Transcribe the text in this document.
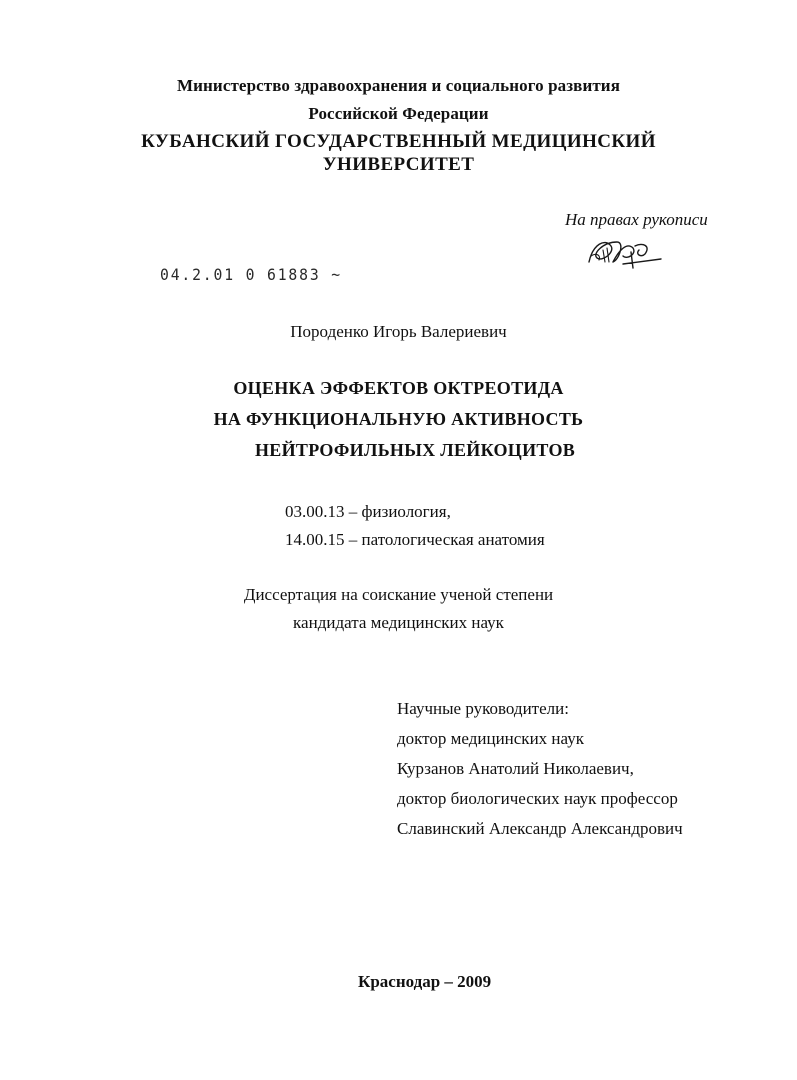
Министерство здравоохранения и социального развития
Российской Федерации
КУБАНСКИЙ ГОСУДАРСТВЕННЫЙ МЕДИЦИНСКИЙ
УНИВЕРСИТЕТ
На правах рукописи
04.2.01 0 61883 ~
Породенко Игорь Валериевич
ОЦЕНКА ЭФФЕКТОВ ОКТРЕОТИДА
НА ФУНКЦИОНАЛЬНУЮ АКТИВНОСТЬ
НЕЙТРОФИЛЬНЫХ ЛЕЙКОЦИТОВ
03.00.13 – физиология,
14.00.15 – патологическая анатомия
Диссертация на соискание ученой степени
кандидата медицинских наук
Научные руководители:
доктор медицинских наук
Курзанов Анатолий Николаевич,
доктор биологических наук профессор
Славинский Александр Александрович
Краснодар – 2009
